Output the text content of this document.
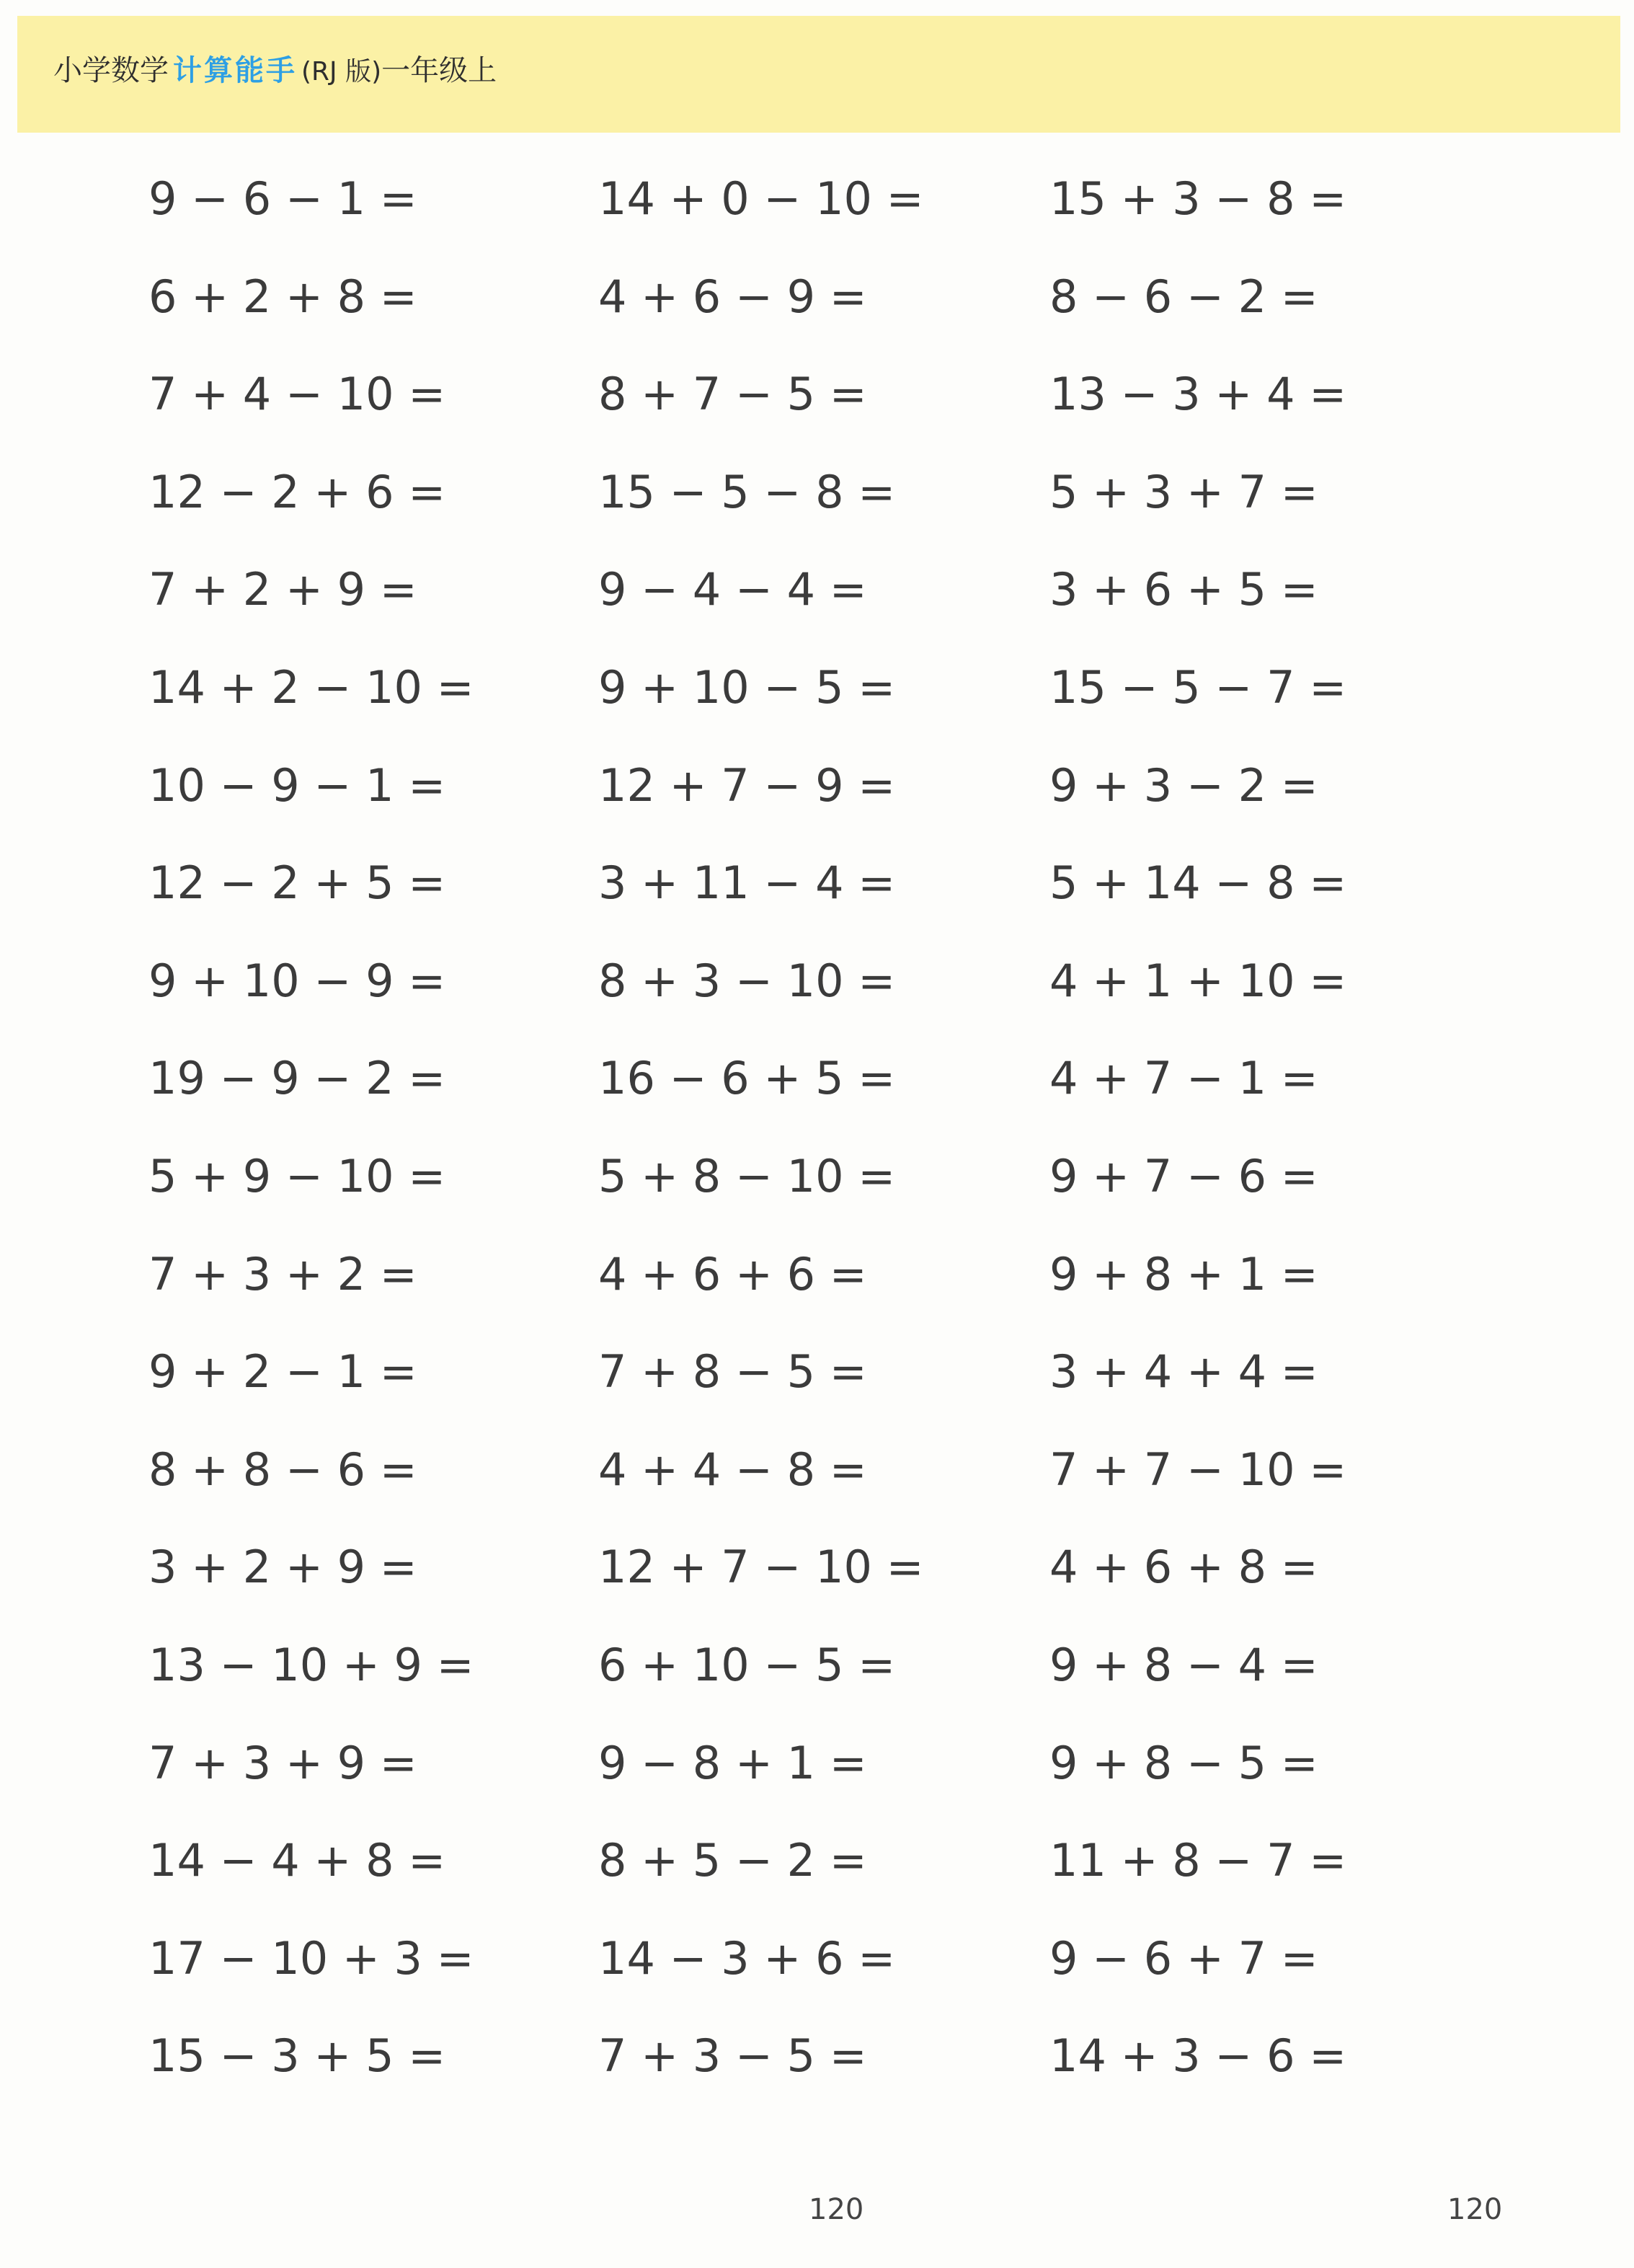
小学数学 计算能手 (RJ 版)一年级上
9 − 6 − 1 =	14 + 0 − 10 =	15 + 3 − 8 =
6 + 2 + 8 =	4 + 6 − 9 =	8 − 6 − 2 =
7 + 4 − 10 =	8 + 7 − 5 =	13 − 3 + 4 =
12 − 2 + 6 =	15 − 5 − 8 =	5 + 3 + 7 =
7 + 2 + 9 =	9 − 4 − 4 =	3 + 6 + 5 =
14 + 2 − 10 =	9 + 10 − 5 =	15 − 5 − 7 =
10 − 9 − 1 =	12 + 7 − 9 =	9 + 3 − 2 =
12 − 2 + 5 =	3 + 11 − 4 =	5 + 14 − 8 =
9 + 10 − 9 =	8 + 3 − 10 =	4 + 1 + 10 =
19 − 9 − 2 =	16 − 6 + 5 =	4 + 7 − 1 =
5 + 9 − 10 =	5 + 8 − 10 =	9 + 7 − 6 =
7 + 3 + 2 =	4 + 6 + 6 =	9 + 8 + 1 =
9 + 2 − 1 =	7 + 8 − 5 =	3 + 4 + 4 =
8 + 8 − 6 =	4 + 4 − 8 =	7 + 7 − 10 =
3 + 2 + 9 =	12 + 7 − 10 =	4 + 6 + 8 =
13 − 10 + 9 =	6 + 10 − 5 =	9 + 8 − 4 =
7 + 3 + 9 =	9 − 8 + 1 =	9 + 8 − 5 =
14 − 4 + 8 =	8 + 5 − 2 =	11 + 8 − 7 =
17 − 10 + 3 =	14 − 3 + 6 =	9 − 6 + 7 =
15 − 3 + 5 =	7 + 3 − 5 =	14 + 3 − 6 =
120	120
